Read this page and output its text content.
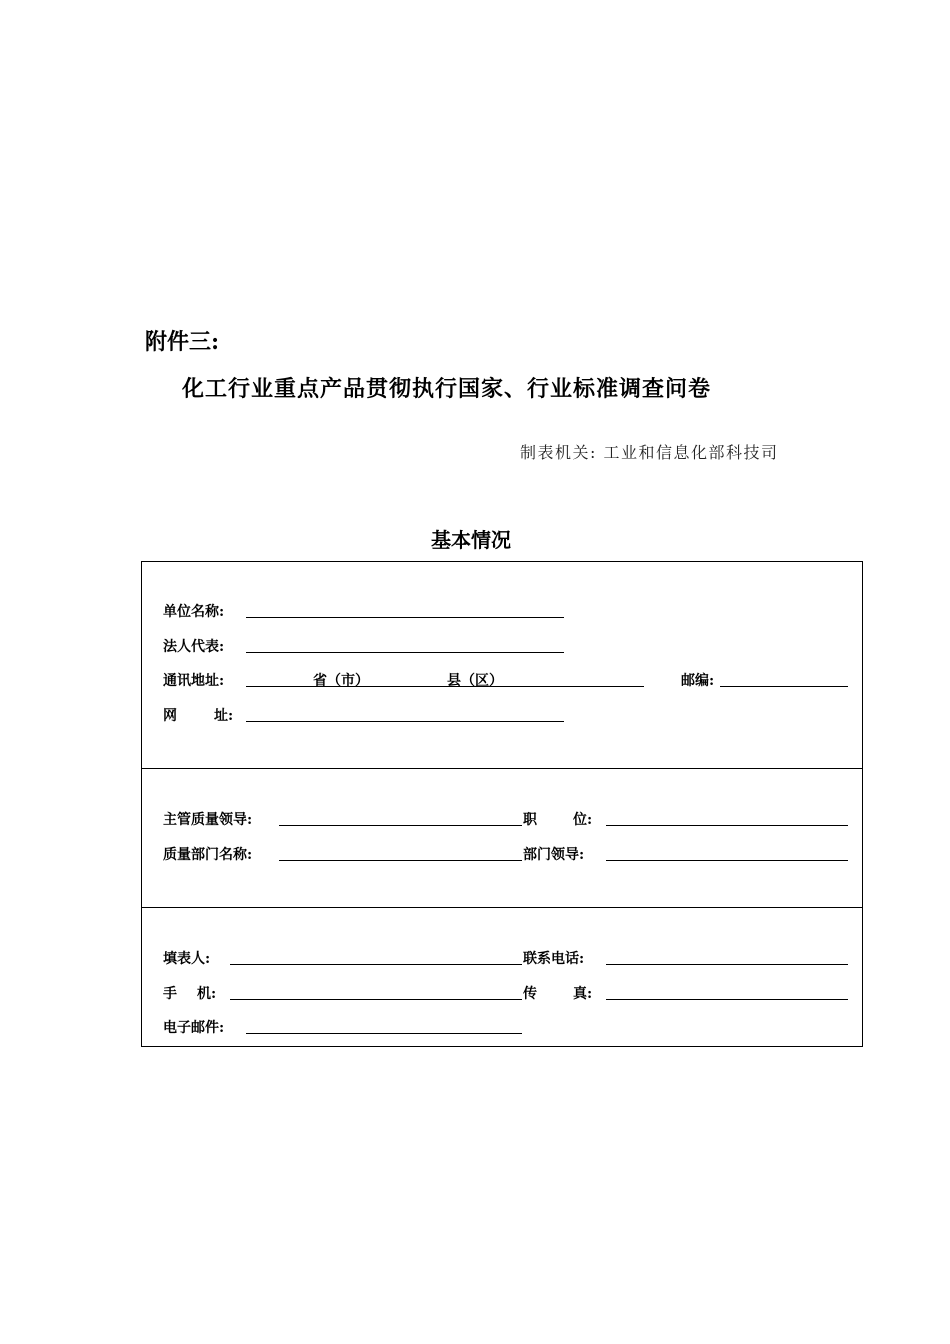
附件三:
化工行业重点产品贯彻执行国家、行业标准调查问卷
制表机关: 工业和信息化部科技司
基本情况
单位名称:
法人代表:
通讯地址:	省（市）	县（区）	邮编:
网	址:
主管质量领导:	职	位:
质量部门名称:	部门领导:
填表人:	联系电话:
手 机:	传	真:
电子邮件:
